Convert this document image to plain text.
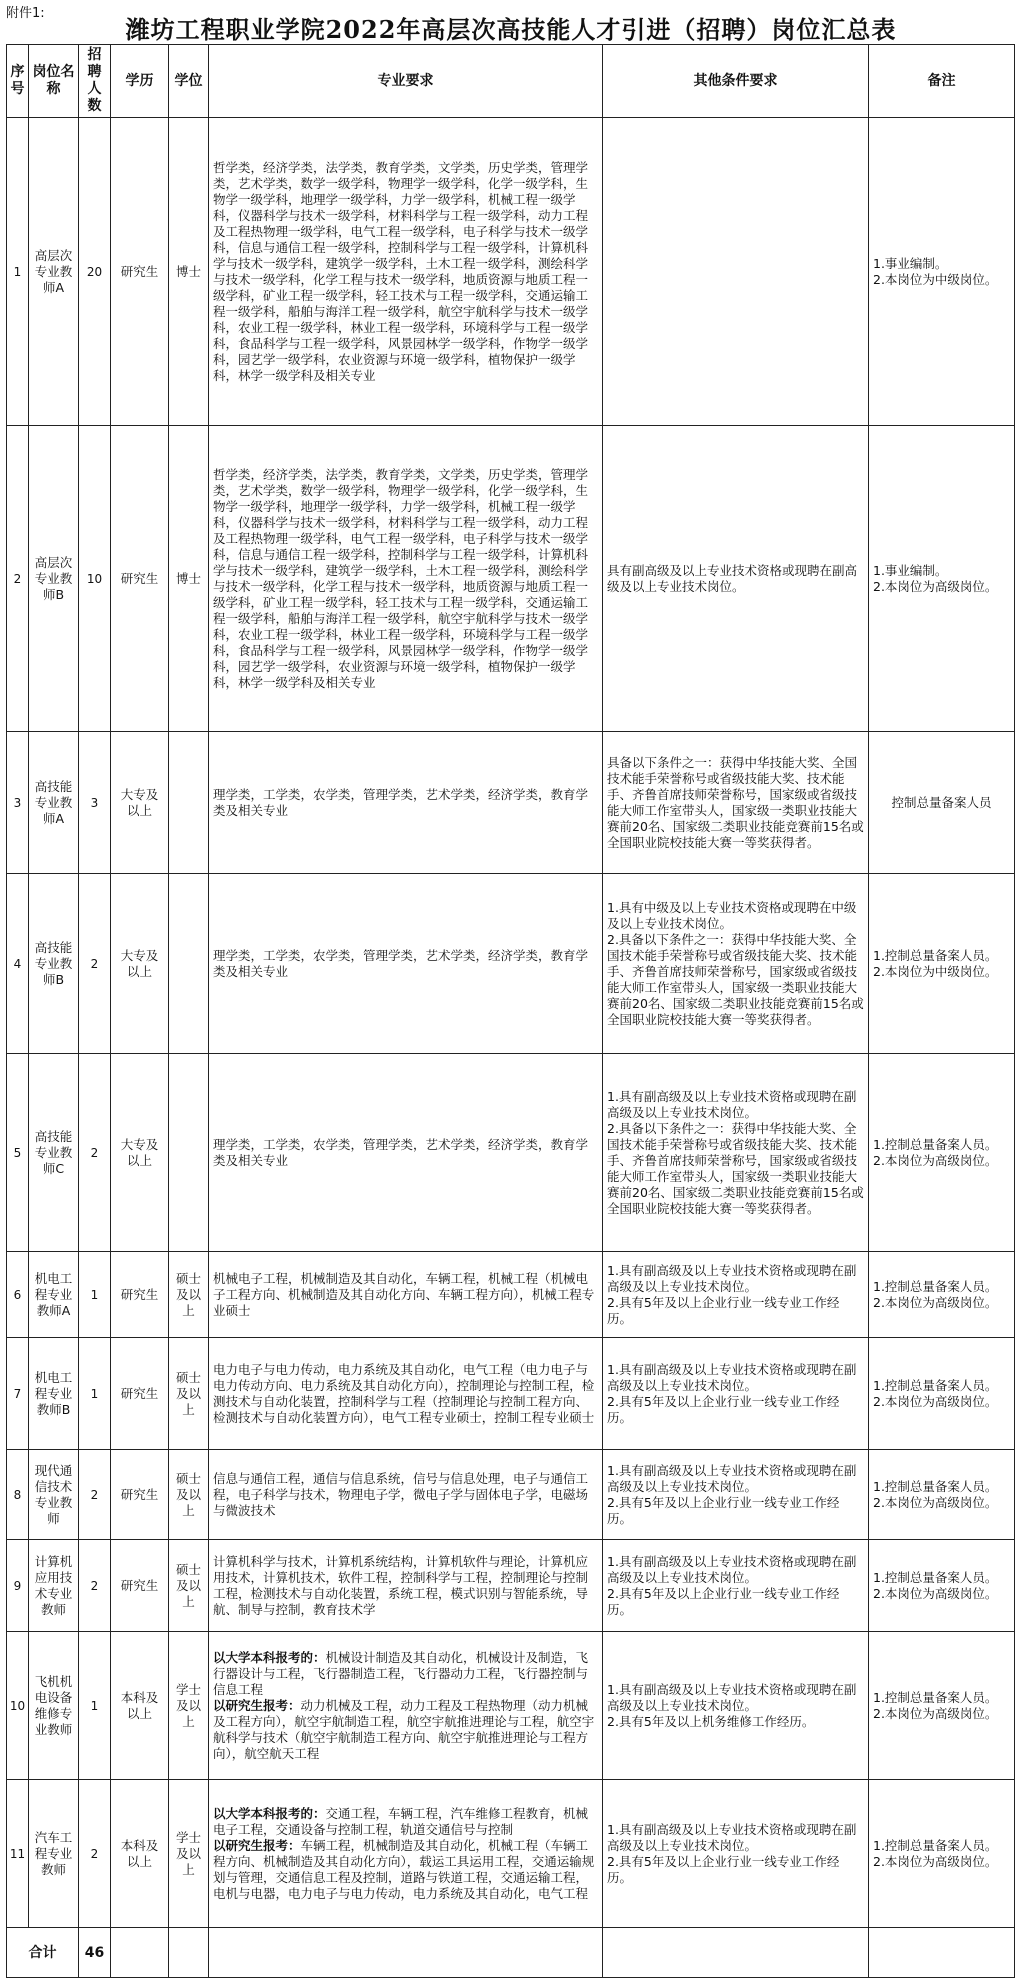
附件1:
潍坊工程职业学院2022年高层次高技能人才引进（招聘）岗位汇总表
序号	岗位名称	招聘人数	学历	学位	专业要求	其他条件要求	备注
1	高层次专业教师A	20	研究生	博士	哲学类，经济学类，法学类，教育学类，文学类，历史学类，管理学类，艺术学类，数学一级学科，物理学一级学科，化学一级学科，生物学一级学科，地理学一级学科，力学一级学科，机械工程一级学科，仪器科学与技术一级学科，材料科学与工程一级学科，动力工程及工程热物理一级学科，电气工程一级学科，电子科学与技术一级学科，信息与通信工程一级学科，控制科学与工程一级学科，计算机科学与技术一级学科，建筑学一级学科，土木工程一级学科，测绘科学与技术一级学科，化学工程与技术一级学科，地质资源与地质工程一级学科，矿业工程一级学科，轻工技术与工程一级学科，交通运输工程一级学科，船舶与海洋工程一级学科，航空宇航科学与技术一级学科，农业工程一级学科，林业工程一级学科，环境科学与工程一级学科，食品科学与工程一级学科，风景园林学一级学科，作物学一级学科，园艺学一级学科，农业资源与环境一级学科，植物保护一级学科，林学一级学科及相关专业		1.事业编制。
2.本岗位为中级岗位。
2	高层次专业教师B	10	研究生	博士	哲学类，经济学类，法学类，教育学类，文学类，历史学类，管理学类，艺术学类，数学一级学科，物理学一级学科，化学一级学科，生物学一级学科，地理学一级学科，力学一级学科，机械工程一级学科，仪器科学与技术一级学科，材料科学与工程一级学科，动力工程及工程热物理一级学科，电气工程一级学科，电子科学与技术一级学科，信息与通信工程一级学科，控制科学与工程一级学科，计算机科学与技术一级学科，建筑学一级学科，土木工程一级学科，测绘科学与技术一级学科，化学工程与技术一级学科，地质资源与地质工程一级学科，矿业工程一级学科，轻工技术与工程一级学科，交通运输工程一级学科，船舶与海洋工程一级学科，航空宇航科学与技术一级学科，农业工程一级学科，林业工程一级学科，环境科学与工程一级学科，食品科学与工程一级学科，风景园林学一级学科，作物学一级学科，园艺学一级学科，农业资源与环境一级学科，植物保护一级学科，林学一级学科及相关专业	具有副高级及以上专业技术资格或现聘在副高级及以上专业技术岗位。	1.事业编制。
2.本岗位为高级岗位。
3	高技能专业教师A	3	大专及以上		理学类，工学类，农学类，管理学类，艺术学类，经济学类，教育学类及相关专业	具备以下条件之一：获得中华技能大奖、全国技术能手荣誉称号或省级技能大奖、技术能手、齐鲁首席技师荣誉称号，国家级或省级技能大师工作室带头人，国家级一类职业技能大赛前20名、国家级二类职业技能竞赛前15名或全国职业院校技能大赛一等奖获得者。	控制总量备案人员
4	高技能专业教师B	2	大专及以上		理学类，工学类，农学类，管理学类，艺术学类，经济学类，教育学类及相关专业	1.具有中级及以上专业技术资格或现聘在中级及以上专业技术岗位。
2.具备以下条件之一：获得中华技能大奖、全国技术能手荣誉称号或省级技能大奖、技术能手、齐鲁首席技师荣誉称号，国家级或省级技能大师工作室带头人，国家级一类职业技能大赛前20名、国家级二类职业技能竞赛前15名或全国职业院校技能大赛一等奖获得者。	1.控制总量备案人员。
2.本岗位为中级岗位。
5	高技能专业教师C	2	大专及以上		理学类，工学类，农学类，管理学类，艺术学类，经济学类，教育学类及相关专业	1.具有副高级及以上专业技术资格或现聘在副高级及以上专业技术岗位。
2.具备以下条件之一：获得中华技能大奖、全国技术能手荣誉称号或省级技能大奖、技术能手、齐鲁首席技师荣誉称号，国家级或省级技能大师工作室带头人，国家级一类职业技能大赛前20名、国家级二类职业技能竞赛前15名或全国职业院校技能大赛一等奖获得者。	1.控制总量备案人员。
2.本岗位为高级岗位。
6	机电工程专业教师A	1	研究生	硕士及以上	机械电子工程，机械制造及其自动化，车辆工程，机械工程（机械电子工程方向、机械制造及其自动化方向、车辆工程方向），机械工程专业硕士	1.具有副高级及以上专业技术资格或现聘在副高级及以上专业技术岗位。
2.具有5年及以上企业行业一线专业工作经历。	1.控制总量备案人员。
2.本岗位为高级岗位。
7	机电工程专业教师B	1	研究生	硕士及以上	电力电子与电力传动，电力系统及其自动化，电气工程（电力电子与电力传动方向、电力系统及其自动化方向），控制理论与控制工程，检测技术与自动化装置，控制科学与工程（控制理论与控制工程方向、检测技术与自动化装置方向），电气工程专业硕士，控制工程专业硕士	1.具有副高级及以上专业技术资格或现聘在副高级及以上专业技术岗位。
2.具有5年及以上企业行业一线专业工作经历。	1.控制总量备案人员。
2.本岗位为高级岗位。
8	现代通信技术专业教师	2	研究生	硕士及以上	信息与通信工程，通信与信息系统，信号与信息处理，电子与通信工程，电子科学与技术，物理电子学，微电子学与固体电子学，电磁场与微波技术	1.具有副高级及以上专业技术资格或现聘在副高级及以上专业技术岗位。
2.具有5年及以上企业行业一线专业工作经历。	1.控制总量备案人员。
2.本岗位为高级岗位。
9	计算机应用技术专业教师	2	研究生	硕士及以上	计算机科学与技术，计算机系统结构，计算机软件与理论，计算机应用技术，计算机技术，软件工程，控制科学与工程，控制理论与控制工程，检测技术与自动化装置，系统工程，模式识别与智能系统，导航、制导与控制，教育技术学	1.具有副高级及以上专业技术资格或现聘在副高级及以上专业技术岗位。
2.具有5年及以上企业行业一线专业工作经历。	1.控制总量备案人员。
2.本岗位为高级岗位。
10	飞机机电设备维修专业教师	1	本科及以上	学士及以上	以大学本科报考的：机械设计制造及其自动化，机械设计及制造，飞行器设计与工程，飞行器制造工程，飞行器动力工程，飞行器控制与信息工程
以研究生报考：动力机械及工程，动力工程及工程热物理（动力机械及工程方向），航空宇航制造工程，航空宇航推进理论与工程，航空宇航科学与技术（航空宇航制造工程方向、航空宇航推进理论与工程方向），航空航天工程	1.具有副高级及以上专业技术资格或现聘在副高级及以上专业技术岗位。
2.具有5年及以上机务维修工作经历。	1.控制总量备案人员。
2.本岗位为高级岗位。
11	汽车工程专业教师	2	本科及以上	学士及以上	以大学本科报考的：交通工程，车辆工程，汽车维修工程教育，机械电子工程，交通设备与控制工程，轨道交通信号与控制
以研究生报考：车辆工程，机械制造及其自动化，机械工程（车辆工程方向、机械制造及其自动化方向），载运工具运用工程，交通运输规划与管理，交通信息工程及控制，道路与铁道工程，交通运输工程，电机与电器，电力电子与电力传动，电力系统及其自动化，电气工程	1.具有副高级及以上专业技术资格或现聘在副高级及以上专业技术岗位。
2.具有5年及以上企业行业一线专业工作经历。	1.控制总量备案人员。
2.本岗位为高级岗位。
合计		46					
